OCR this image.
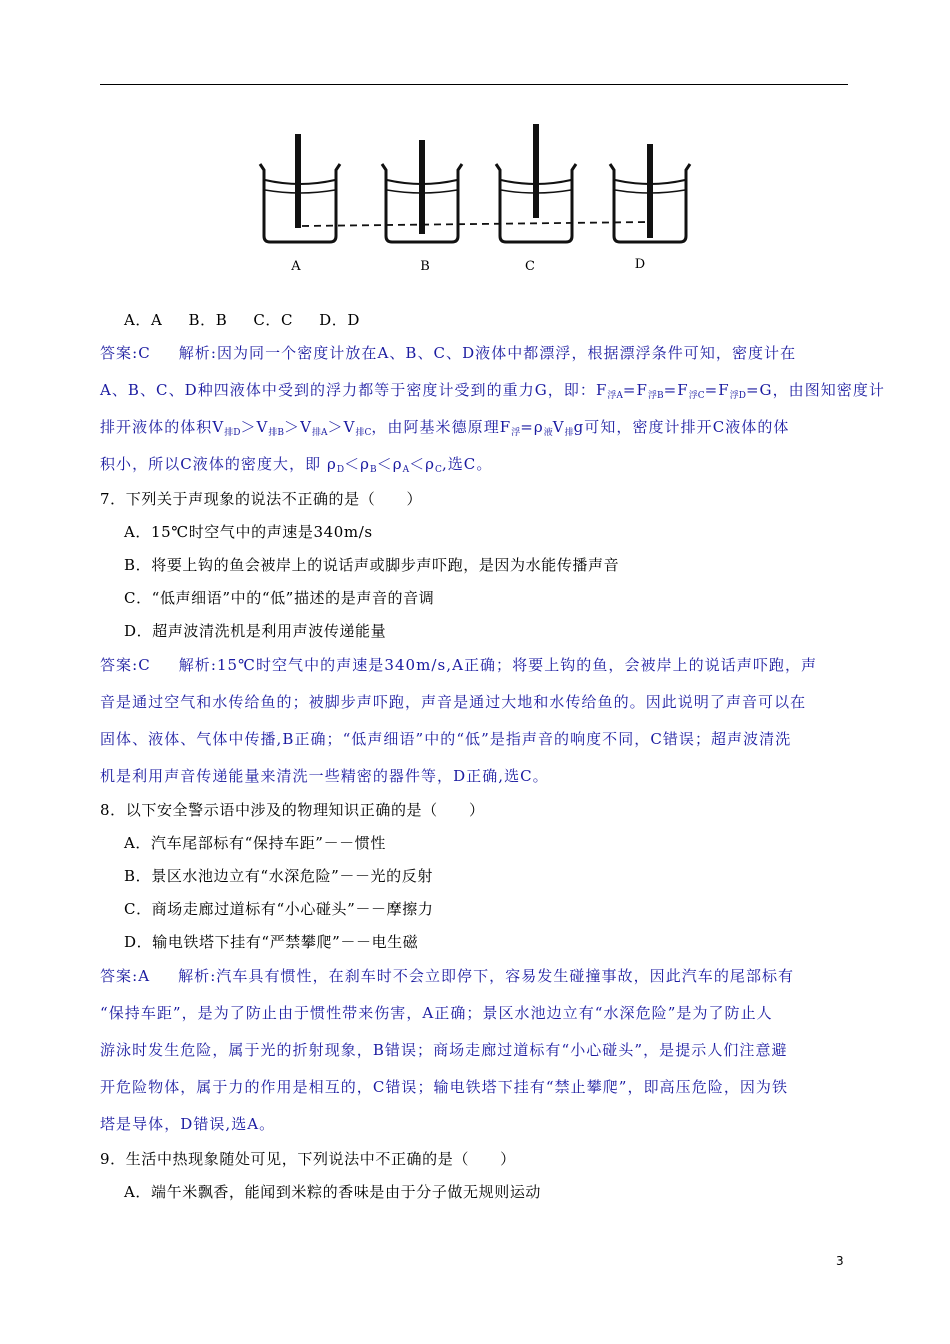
A	B	C	D
A．A B．B C．C D．D
答案:C 解析:因为同一个密度计放在A、B、C、D液体中都漂浮，根据漂浮条件可知，密度计在
A、B、C、D种四液体中受到的浮力都等于密度计受到的重力G，即：$F_{浮A}=F_{浮B}=F_{浮C}=F_{浮D}=G$，由图知密度计
排开液体的体积$V_{排D}>V_{排B}>V_{排A}>V_{排C}$，由阿基米德原理$F_浮=\rho_液V_排g$可知，密度计排开C液体的体
积小，所以C液体的密度大，即 $\rho_D<\rho_B<\rho_A<\rho_C$,选C。
7．下列关于声现象的说法不正确的是（　　）
A．15℃时空气中的声速是340m/s
B．将要上钩的鱼会被岸上的说话声或脚步声吓跑，是因为水能传播声音
C．“低声细语”中的“低”描述的是声音的音调
D．超声波清洗机是利用声波传递能量
答案:C 解析:15℃时空气中的声速是340m/s,A正确；将要上钩的鱼，会被岸上的说话声吓跑，声
音是通过空气和水传给鱼的；被脚步声吓跑，声音是通过大地和水传给鱼的。因此说明了声音可以在
固体、液体、气体中传播,B正确；“低声细语”中的“低”是指声音的响度不同，C错误；超声波清洗
机是利用声音传递能量来清洗一些精密的器件等，D正确,选C。
8．以下安全警示语中涉及的物理知识正确的是（　　）
A．汽车尾部标有“保持车距”－－惯性
B．景区水池边立有“水深危险”－－光的反射
C．商场走廊过道标有“小心碰头”－－摩擦力
D．输电铁塔下挂有“严禁攀爬”－－电生磁
答案:A 解析:汽车具有惯性，在刹车时不会立即停下，容易发生碰撞事故，因此汽车的尾部标有
“保持车距”，是为了防止由于惯性带来伤害，A正确；景区水池边立有“水深危险”是为了防止人
游泳时发生危险，属于光的折射现象，B错误；商场走廊过道标有“小心碰头”，是提示人们注意避
开危险物体，属于力的作用是相互的，C错误；输电铁塔下挂有“禁止攀爬”，即高压危险，因为铁
塔是导体，D错误,选A。
9．生活中热现象随处可见，下列说法中不正确的是（　　）
A．端午米飘香，能闻到米粽的香味是由于分子做无规则运动
3
